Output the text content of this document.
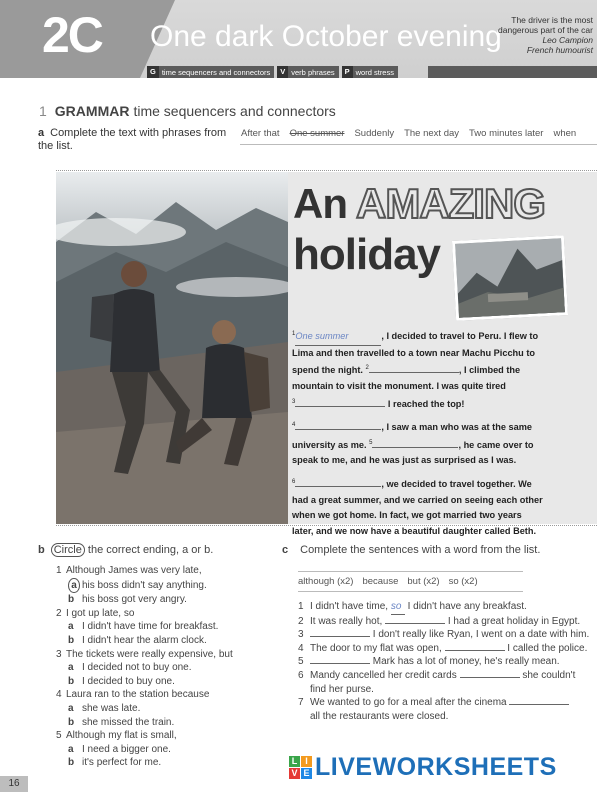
2C One dark October evening	The driver is the most
dangerous part of the car
Leo Campion
French humourist
G time sequencers and connectors	V verb phrases	P word stress
1 GRAMMAR time sequencers and connectors
a Complete the text with phrases from the list.
After that One summer Suddenly The next day Two minutes later when
An AMAZING
holiday
$^1$One summer	, I decided to travel to Peru. I flew to Lima and then travelled to a town near Machu Picchu to spend the night. $^2$	, I climbed the mountain to visit the monument. I was quite tired
$^3$	I reached the top!

$^4$	, I saw a man who was at the same university as me. $^5$	, he came over to speak to me, and he was just as surprised as I was.

$^6$	, we decided to travel together. We had a great summer, and we carried on seeing each other when we got home. In fact, we got married two years later, and we now have a beautiful daughter called Beth.
b Circle the correct ending, a or b.
1 Although James was very late,
a his boss didn't say anything.
b his boss got very angry.
2 I got up late, so
a I didn't have time for breakfast.
b I didn't hear the alarm clock.
3 The tickets were really expensive, but
a I decided not to buy one.
b I decided to buy one.
4 Laura ran to the station because
a she was late.
b she missed the train.
5 Although my flat is small,
a I need a bigger one.
b it's perfect for me.
c Complete the sentences with a word from the list.
although (x2) because but (x2) so (x2)
1 I didn't have time, so I didn't have any breakfast.
2 It was really hot,	I had a great holiday in Egypt.
3	I don't really like Ryan, I went on a date with him.
4 The door to my flat was open,	I called the police.
5	Mark has a lot of money, he's really mean.
6 Mandy cancelled her credit cards	she couldn't
find her purse.
7 We wanted to go for a meal after the cinema
all the restaurants were closed.
16
L I
V E LIVEWORKSHEETS
